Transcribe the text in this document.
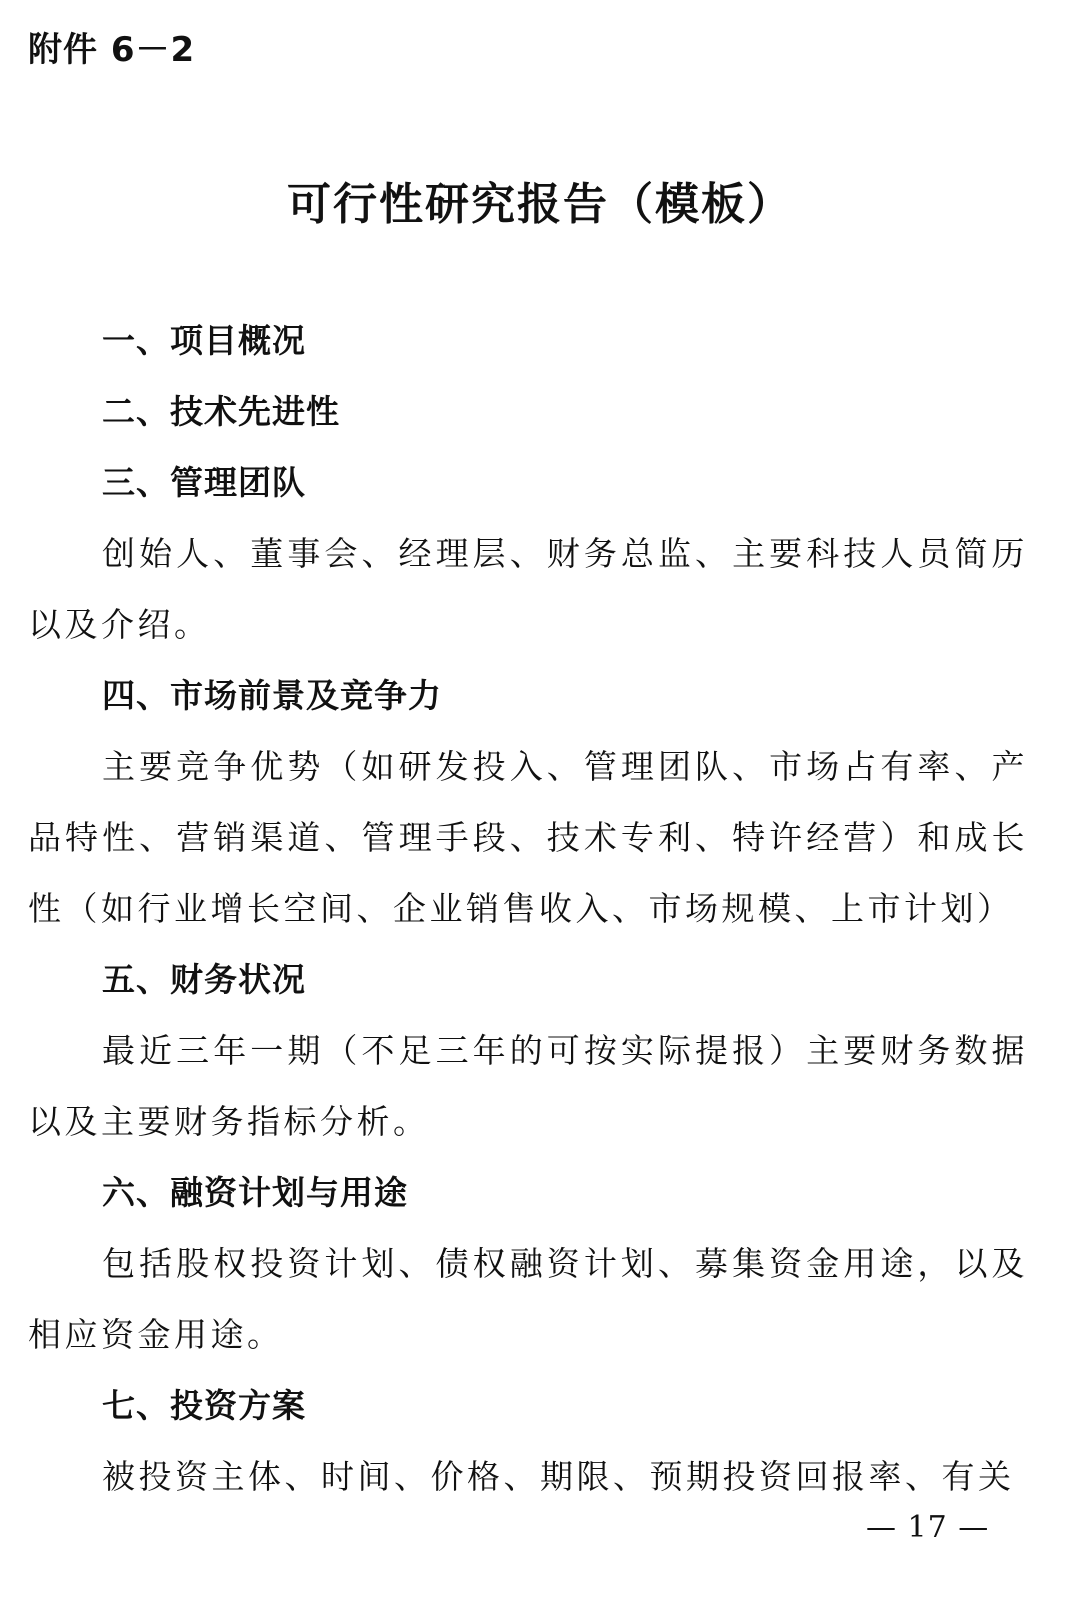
附件 6－2
可行性研究报告（模板）
一、项目概况
二、技术先进性
三、管理团队
创始人、董事会、经理层、财务总监、主要科技人员简历以及介绍。
四、市场前景及竞争力
主要竞争优势（如研发投入、管理团队、市场占有率、产品特性、营销渠道、管理手段、技术专利、特许经营）和成长性（如行业增长空间、企业销售收入、市场规模、上市计划）
五、财务状况
最近三年一期（不足三年的可按实际提报）主要财务数据以及主要财务指标分析。
六、融资计划与用途
包括股权投资计划、债权融资计划、募集资金用途，以及相应资金用途。
七、投资方案
被投资主体、时间、价格、期限、预期投资回报率、有关
— 17 —
